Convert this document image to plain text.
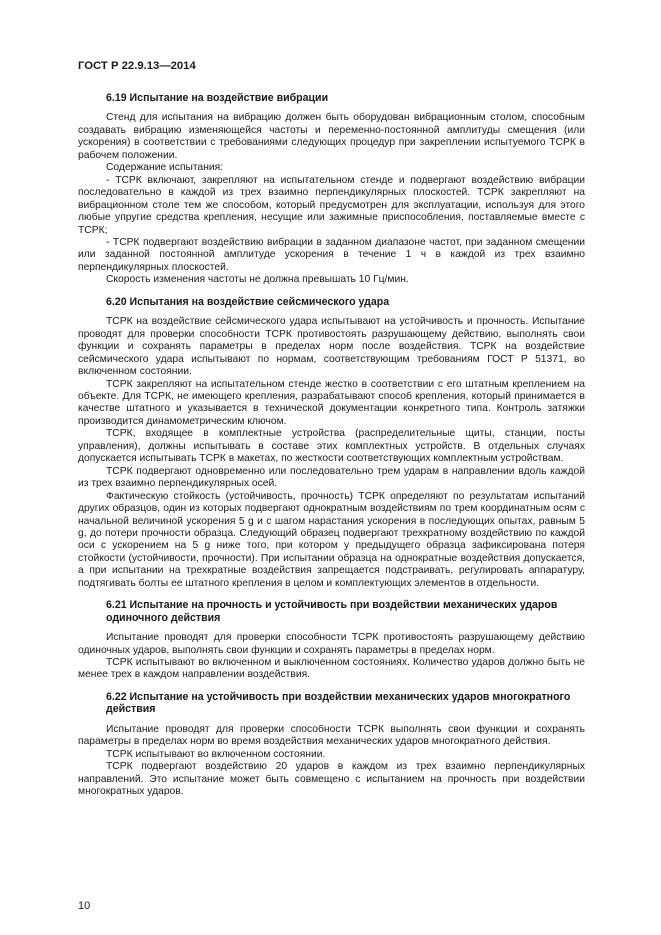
ГОСТ Р 22.9.13—2014
6.19 Испытание на воздействие вибрации

Стенд для испытания на вибрацию должен быть оборудован вибрационным столом, способным создавать вибрацию изменяющейся частоты и переменно-постоянной амплитуды смещения (или ускорения) в соответствии с требованиями следующих процедур при закреплении испытуемого ТСРК в рабочем положении.

Содержание испытания:

- ТСРК включают, закрепляют на испытательном стенде и подвергают воздействию вибрации последовательно в каждой из трех взаимно перпендикулярных плоскостей. ТСРК закрепляют на вибрационном столе тем же способом, который предусмотрен для эксплуатации, используя для этого любые упругие средства крепления, несущие или зажимные приспособления, поставляемые вместе с ТСРК;

- ТСРК подвергают воздействию вибрации в заданном диапазоне частот, при заданном смещении или заданной постоянной амплитуде ускорения в течение 1 ч в каждой из трех взаимно перпендикулярных плоскостей.

Скорость изменения частоты не должна превышать 10 Гц/мин.

6.20 Испытания на воздействие сейсмического удара

ТСРК на воздействие сейсмического удара испытывают на устойчивость и прочность. Испытание проводят для проверки способности ТСРК противостоять разрушающему действию, выполнять свои функции и сохранять параметры в пределах норм после воздействия. ТСРК на воздействие сейсмического удара испытывают по нормам, соответствующим требованиям ГОСТ Р 51371, во включенном состоянии.

ТСРК закрепляют на испытательном стенде жестко в соответствии с его штатным креплением на объекте. Для ТСРК, не имеющего крепления, разрабатывают способ крепления, который принимается в качестве штатного и указывается в технической документации конкретного типа. Контроль затяжки производится динамометрическим ключом.

ТСРК, входящее в комплектные устройства (распределительные щиты, станции, посты управления), должны испытывать в составе этих комплектных устройств. В отдельных случаях допускается испытывать ТСРК в макетах, по жесткости соответствующих комплектным устройствам.

ТСРК подвергают одновременно или последовательно трем ударам в направлении вдоль каждой из трех взаимно перпендикулярных осей.

Фактическую стойкость (устойчивость, прочность) ТСРК определяют по результатам испытаний других образцов, один из которых подвергают однократным воздействиям по трем координатным осям с начальной величиной ускорения 5 g и с шагом нарастания ускорения в последующих опытах, равным 5 g, до потери прочности образца. Следующий образец подвергают трехкратному воздействию по каждой оси с ускорением на 5 g ниже того, при котором у предыдущего образца зафиксирована потеря стойкости (устойчивости, прочности). При испытании образца на однократные воздействия допускается, а при испытании на трехкратные воздействия запрещается подстраивать, регулировать аппаратуру, подтягивать болты ее штатного крепления в целом и комплектующих элементов в отдельности.

6.21 Испытание на прочность и устойчивость при воздействии механических ударов одиночного действия

Испытание проводят для проверки способности ТСРК противостоять разрушающему действию одиночных ударов, выполнять свои функции и сохранять параметры в пределах норм.

ТСРК испытывают во включенном и выключенном состояниях. Количество ударов должно быть не менее трех в каждом направлении воздействия.

6.22 Испытание на устойчивость при воздействии механических ударов многократного действия

Испытание проводят для проверки способности ТСРК выполнять свои функции и сохранять параметры в пределах норм во время воздействия механических ударов многократного действия.

ТСРК испытывают во включенном состоянии.

ТСРК подвергают воздействию 20 ударов в каждом из трех взаимно перпендикулярных направлений. Это испытание может быть совмещено с испытанием на прочность при воздействии многократных ударов.

10
